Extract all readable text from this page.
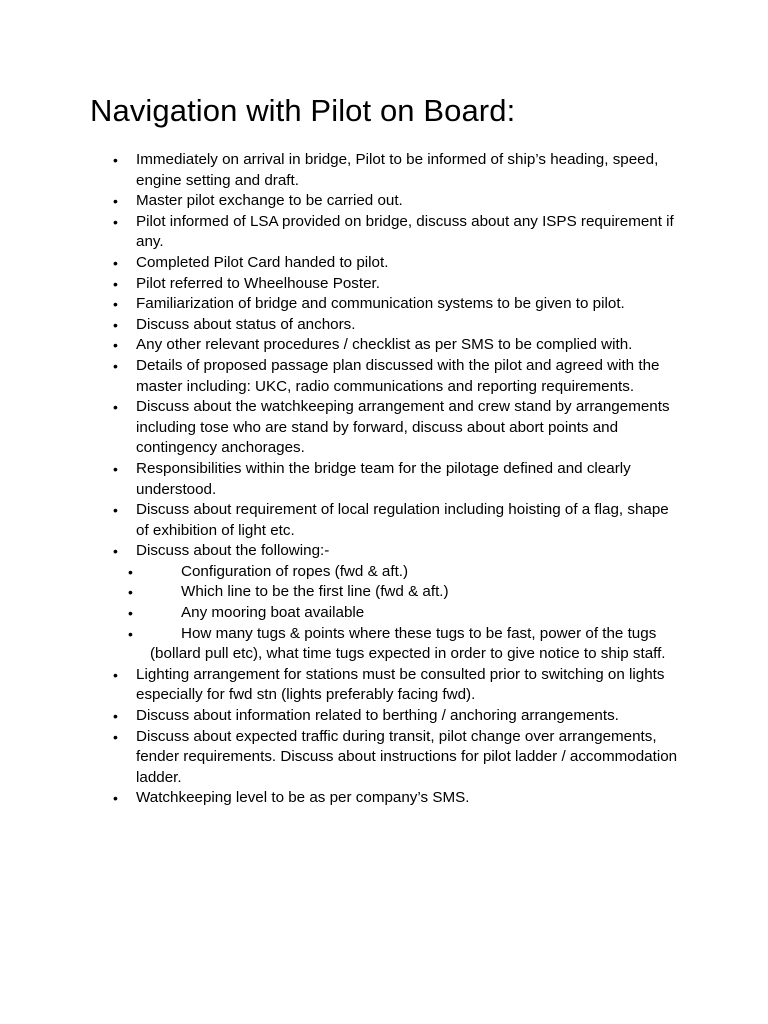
Navigation with Pilot on Board:
• Immediately on arrival in bridge, Pilot to be informed of ship’s heading, speed, engine setting and draft.
• Master pilot exchange to be carried out.
• Pilot informed of LSA provided on bridge, discuss about any ISPS requirement if any.
• Completed Pilot Card handed to pilot.
• Pilot referred to Wheelhouse Poster.
• Familiarization of bridge and communication systems to be given to pilot.
• Discuss about status of anchors.
• Any other relevant procedures / checklist as per SMS to be complied with.
• Details of proposed passage plan discussed with the pilot and agreed with the master including: UKC, radio communications and reporting requirements.
• Discuss about the watchkeeping arrangement and crew stand by arrangements including tose who are stand by forward, discuss about abort points and contingency anchorages.
• Responsibilities within the bridge team for the pilotage defined and clearly understood.
• Discuss about requirement of local regulation including hoisting of a flag, shape of exhibition of light etc.
• Discuss about the following:-
•	Configuration of ropes (fwd & aft.)
•	Which line to be the first line (fwd & aft.)
•	Any mooring boat available
•	How many tugs & points where these tugs to be fast, power of the tugs (bollard pull etc), what time tugs expected in order to give notice to ship staff.
• Lighting arrangement for stations must be consulted prior to switching on lights especially for fwd stn (lights preferably facing fwd).
• Discuss about information related to berthing / anchoring arrangements.
• Discuss about expected traffic during transit, pilot change over arrangements, fender requirements. Discuss about instructions for pilot ladder / accommodation ladder.
• Watchkeeping level to be as per company’s SMS.
